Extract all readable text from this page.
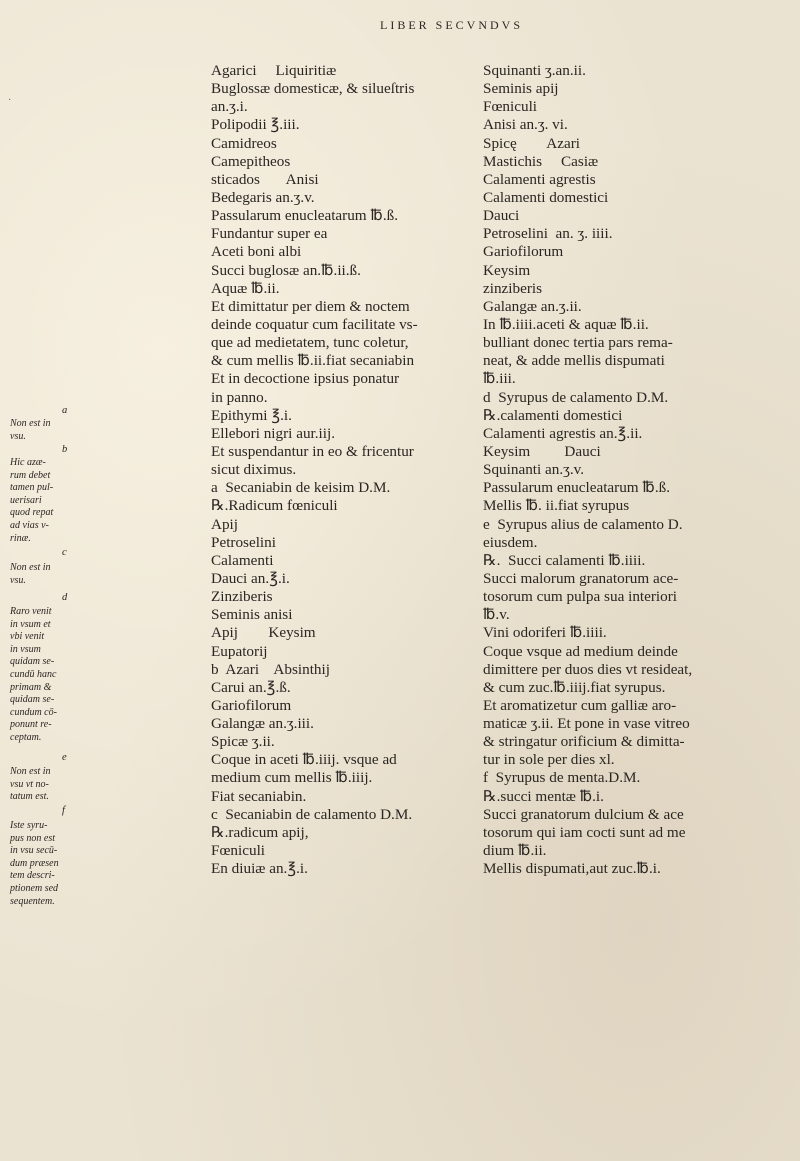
LIBER SECVNDVS
Agarici     Liquiritiæ
Buglossæ domesticæ, & silueſtris
an.ʒ.i.
Polipodii ℥.iii.
Camidreos
Camepitheos
sticados       Anisi
Bedegaris an.ʒ.v.
Passularum enucleatarum ℔.ß.
Fundantur super ea
Aceti boni albi
Succi buglosæ an.℔.ii.ß.
Aquæ ℔.ii.
Et dimittatur per diem & noctem
deinde coquatur cum facilitate vs-
que ad medietatem, tunc coletur,
& cum mellis ℔.ii.fiat secaniabin
Et in decoctione ipsius ponatur
in panno.
Epithymi ℥.i.
Ellebori nigri aur.iij.
Et suspendantur in eo & fricentur
sicut diximus.
a  Secaniabin de keisim D.M.
℞.Radicum fœniculi
Apij
Petroselini
Calamenti
Dauci an.℥.i.
Zinziberis
Seminis anisi
Apij        Keysim
Eupatorij
b  Azari    Absinthij
Carui an.℥.ß.
Gariofilorum
Galangæ an.ʒ.iii.
Spicæ ʒ.ii.
Coque in aceti ℔.iiij. vsque ad
medium cum mellis ℔.iiij.
Fiat secaniabin.
c  Secaniabin de calamento D.M.
℞.radicum apij,
Fœniculi
En diuiæ an.℥.i.
Squinanti ʒ.an.ii.
Seminis apij
Fœniculi
Anisi an.ʒ. vi.
Spicę        Azari
Mastichis     Casiæ
Calamenti agrestis
Calamenti domestici
Dauci
Petroselini  an. ʒ. iiii.
Gariofilorum
Keysim
zinziberis
Galangæ an.ʒ.ii.
In ℔.iiii.aceti & aquæ ℔.ii.
bulliant donec tertia pars rema-
neat, & adde mellis dispumati
℔.iii.
d  Syrupus de calamento D.M.
℞.calamenti domestici
Calamenti agrestis an.℥.ii.
Keysim         Dauci
Squinanti an.ʒ.v.
Passularum enucleatarum ℔.ß.
Mellis ℔. ii.fiat syrupus
e  Syrupus alius de calamento D.
eiusdem.
℞.  Succi calamenti ℔.iiii.
Succi malorum granatorum ace-
tosorum cum pulpa sua interiori
℔.v.
Vini odoriferi ℔.iiii.
Coque vsque ad medium deinde
dimittere per duos dies vt resideat,
& cum zuc.℔.iiij.fiat syrupus.
Et aromatizetur cum galliæ aro-
maticæ ʒ.ii. Et pone in vase vitreo
& stringatur orificium & dimitta-
tur in sole per dies xl.
f  Syrupus de menta.D.M.
℞.succi mentæ ℔.i.
Succi granatorum dulcium & ace
tosorum qui iam cocti sunt ad me
dium ℔.ii.
Mellis dispumati,aut zuc.℔.i.
a
Non est in
vsu.
b
Hic azæ-
rum debet
tamen pul-
uerisari
quod repat
ad vias v-
rinæ.
c
Non est in
vsu.
d
Raro venit
in vsum et
vbi venit
in vsum
quidam se-
cundū hanc
primam &
quidam se-
cundum cō-
ponunt re-
ceptam.
e
Non est in
vsu vt no-
tatum est.
f
Iste syru-
pus non est
in vsu secū-
dum præsen
tem descri-
ptionem sed
sequentem.
·
